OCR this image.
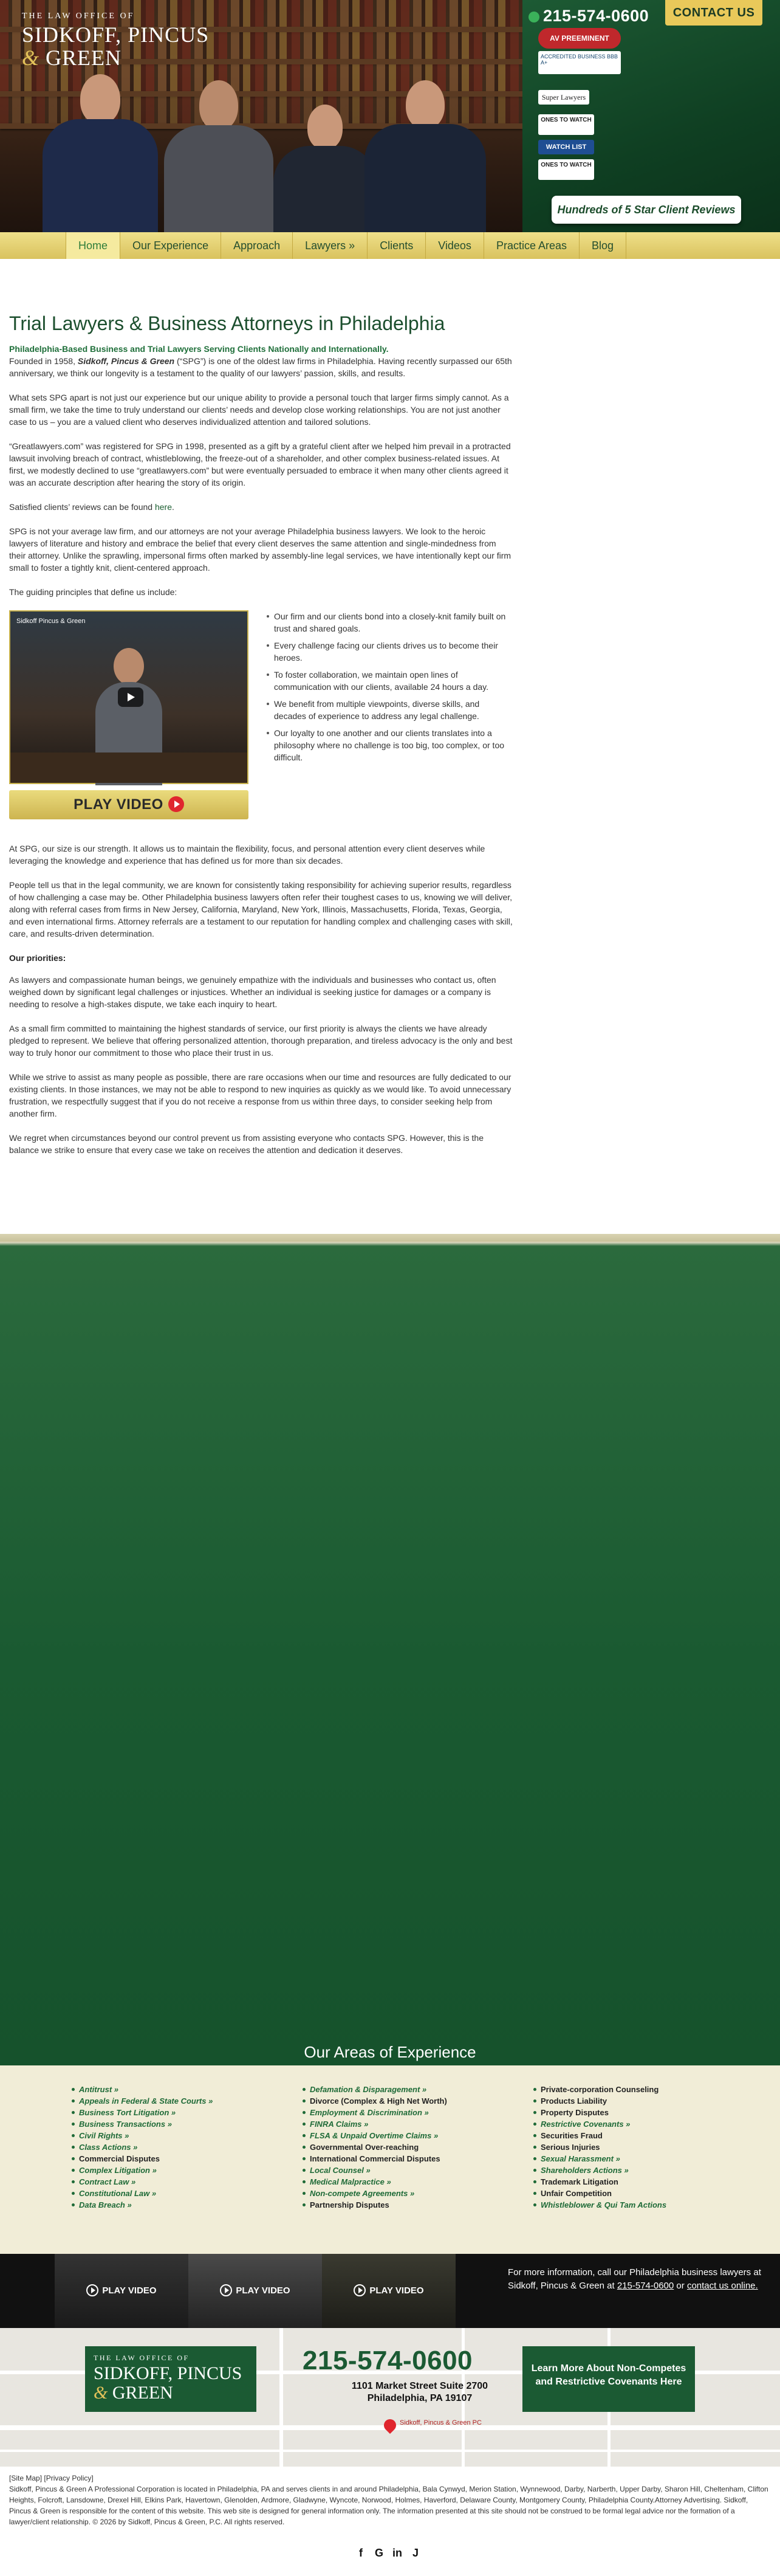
THE LAW OFFICE OF
SIDKOFF, PINCUS
& GREEN
215-574-0600	CONTACT US
AV PREEMINENT
ACCREDITED BUSINESS BBB A+
Super Lawyers
ONES TO WATCH
WATCH LIST
ONES TO WATCH
Hundreds of 5 Star Client Reviews
Home	Our Experience	Approach	Lawyers »	Clients	Videos	Practice Areas	Blog
Trial Lawyers & Business Attorneys in Philadelphia
Philadelphia-Based Business and Trial Lawyers Serving Clients Nationally and Internationally.

Founded in 1958, Sidkoff, Pincus & Green (“SPG”) is one of the oldest law firms in Philadelphia. Having recently surpassed our 65th anniversary, we think our longevity is a testament to the quality of our lawyers’ passion, skills, and results.

What sets SPG apart is not just our experience but our unique ability to provide a personal touch that larger firms simply cannot. As a small firm, we take the time to truly understand our clients’ needs and develop close working relationships. You are not just another case to us – you are a valued client who deserves individualized attention and tailored solutions.

“Greatlawyers.com” was registered for SPG in 1998, presented as a gift by a grateful client after we helped him prevail in a protracted lawsuit involving breach of contract, whistleblowing, the freeze-out of a shareholder, and other complex business-related issues. At first, we modestly declined to use “greatlawyers.com” but were eventually persuaded to embrace it when many other clients agreed it was an accurate description after hearing the story of its origin.

Satisfied clients’ reviews can be found here.

SPG is not your average law firm, and our attorneys are not your average Philadelphia business lawyers. We look to the heroic lawyers of literature and history and embrace the belief that every client deserves the same attention and single-mindedness from their attorney. Unlike the sprawling, impersonal firms often marked by assembly-line legal services, we have intentionally kept our firm small to foster a tightly knit, client-centered approach.

The guiding principles that define us include:

Sidkoff Pincus & Green
PLAY VIDEO
Our firm and our clients bond into a closely-knit family built on trust and shared goals.
Every challenge facing our clients drives us to become their heroes.
To foster collaboration, we maintain open lines of communication with our clients, available 24 hours a day.
We benefit from multiple viewpoints, diverse skills, and decades of experience to address any legal challenge.
Our loyalty to one another and our clients translates into a philosophy where no challenge is too big, too complex, or too difficult.

At SPG, our size is our strength. It allows us to maintain the flexibility, focus, and personal attention every client deserves while leveraging the knowledge and experience that has defined us for more than six decades.

People tell us that in the legal community, we are known for consistently taking responsibility for achieving superior results, regardless of how challenging a case may be. Other Philadelphia business lawyers often refer their toughest cases to us, knowing we will deliver, along with referral cases from firms in New Jersey, California, Maryland, New York, Illinois, Massachusetts, Florida, Texas, Georgia, and even international firms. Attorney referrals are a testament to our reputation for handling complex and challenging cases with skill, care, and results-driven determination.

Our priorities:

As lawyers and compassionate human beings, we genuinely empathize with the individuals and businesses who contact us, often weighed down by significant legal challenges or injustices. Whether an individual is seeking justice for damages or a company is needing to resolve a high-stakes dispute, we take each inquiry to heart.

As a small firm committed to maintaining the highest standards of service, our first priority is always the clients we have already pledged to represent. We believe that offering personalized attention, thorough preparation, and tireless advocacy is the only and best way to truly honor our commitment to those who place their trust in us.

While we strive to assist as many people as possible, there are rare occasions when our time and resources are fully dedicated to our existing clients. In those instances, we may not be able to respond to new inquiries as quickly as we would like. To avoid unnecessary frustration, we respectfully suggest that if you do not receive a response from us within three days, to consider seeking help from another firm.

We regret when circumstances beyond our control prevent us from assisting everyone who contacts SPG. However, this is the balance we strike to ensure that every case we take on receives the attention and dedication it deserves.

Our Areas of Experience
Antitrust »
Appeals in Federal & State Courts »
Business Tort Litigation »
Business Transactions »
Civil Rights »
Class Actions »
Commercial Disputes
Complex Litigation »
Contract Law »
Constitutional Law »
Data Breach »
Defamation & Disparagement »
Divorce (Complex & High Net Worth)
Employment & Discrimination »
FINRA Claims »
FLSA & Unpaid Overtime Claims »
Governmental Over-reaching
International Commercial Disputes
Local Counsel »
Medical Malpractice »
Non-compete Agreements »
Partnership Disputes
Private-corporation Counseling
Products Liability
Property Disputes
Restrictive Covenants »
Securities Fraud
Serious Injuries
Sexual Harassment »
Shareholders Actions »
Trademark Litigation
Unfair Competition
Whistleblower & Qui Tam Actions
PLAY VIDEO	PLAY VIDEO	PLAY VIDEO
For more information, call our Philadelphia business lawyers at Sidkoff, Pincus & Green at 215-574-0600 or contact us online.
THE LAW OFFICE OF
SIDKOFF, PINCUS
& GREEN
215-574-0600
1101 Market Street Suite 2700
Philadelphia, PA 19107
Sidkoff, Pincus & Green PC
Learn More About Non-Competes and Restrictive Covenants Here
[Site Map] [Privacy Policy]
Sidkoff, Pincus & Green A Professional Corporation is located in Philadelphia, PA and serves clients in and around Philadelphia, Bala Cynwyd, Merion Station, Wynnewood, Darby, Narberth, Upper Darby, Sharon Hill, Cheltenham, Clifton Heights, Folcroft, Lansdowne, Drexel Hill, Elkins Park, Havertown, Glenolden, Ardmore, Gladwyne, Wyncote, Norwood, Holmes, Haverford, Delaware County, Montgomery County, Philadelphia County.Attorney Advertising. Sidkoff, Pincus & Green is responsible for the content of this website. This web site is designed for general information only. The information presented at this site should not be construed to be formal legal advice nor the formation of a lawyer/client relationship. © 2026 by Sidkoff, Pincus & Green, P.C. All rights reserved.
f	G in J
